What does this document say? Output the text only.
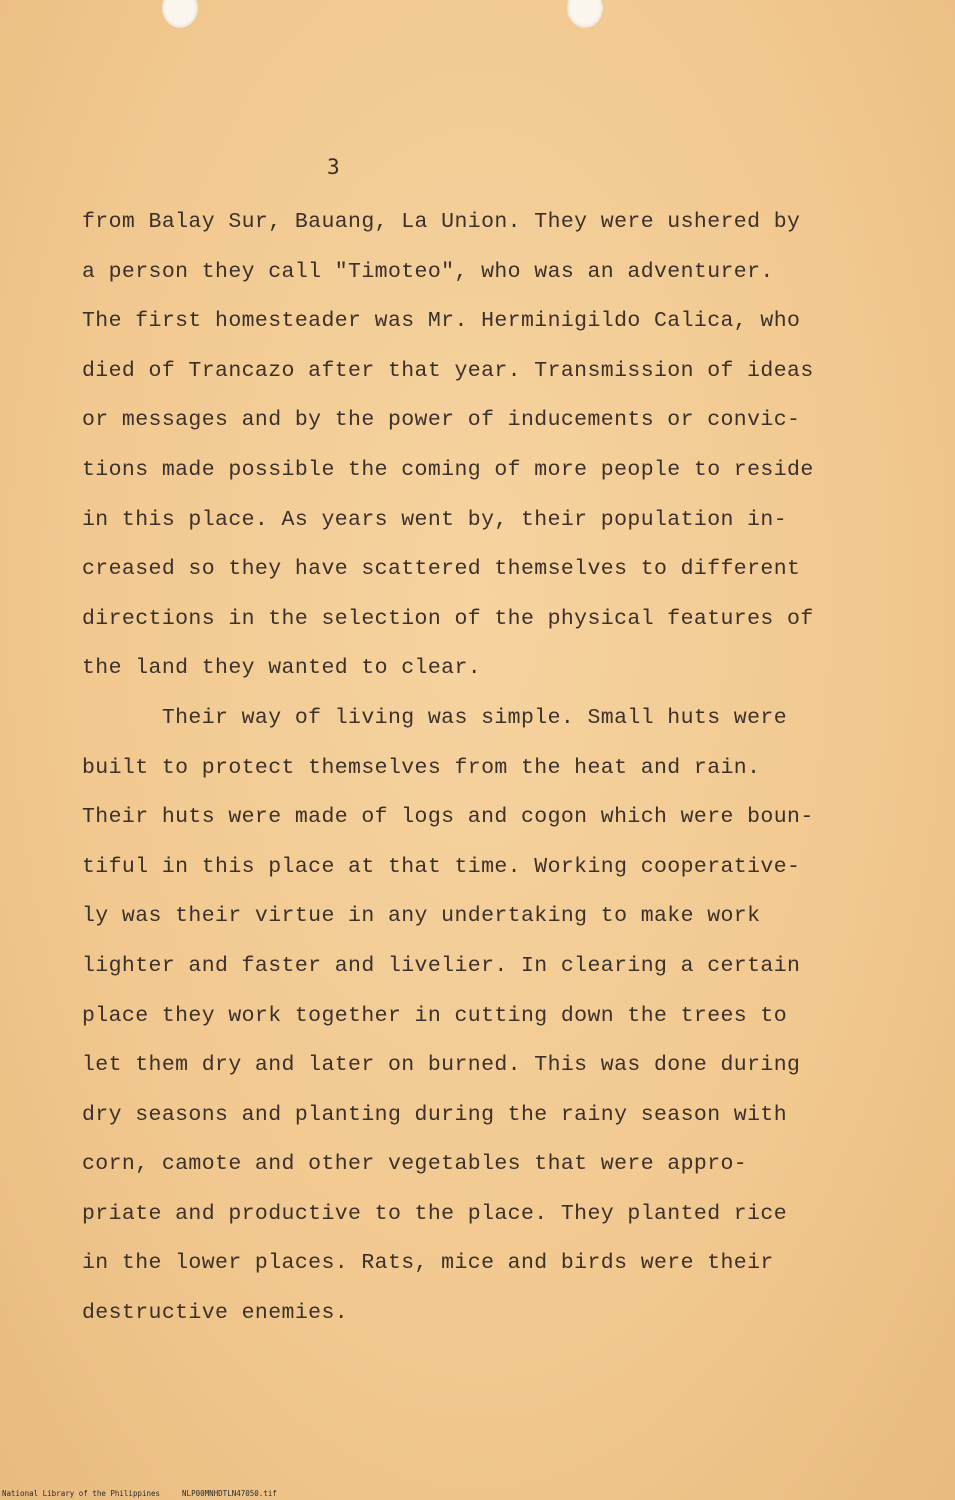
3
from Balay Sur, Bauang, La Union. They were ushered by
a person they call "Timoteo", who was an adventurer.
The first homesteader was Mr. Herminigildo Calica, who
died of Trancazo after that year. Transmission of ideas
or messages and by the power of inducements or convic-
tions made possible the coming of more people to reside
in this place. As years went by, their population in-
creased so they have scattered themselves to different
directions in the selection of the physical features of
the land they wanted to clear.
Their way of living was simple. Small huts were
built to protect themselves from the heat and rain.
Their huts were made of logs and cogon which were boun-
tiful in this place at that time. Working cooperative-
ly was their virtue in any undertaking to make work
lighter and faster and livelier. In clearing a certain
place they work together in cutting down the trees to
let them dry and later on burned. This was done during
dry seasons and planting during the rainy season with
corn, camote and other vegetables that were appro-
priate and productive to the place. They planted rice
in the lower places. Rats, mice and birds were their
destructive enemies.
National Library of the Philippines	NLP00MNHDTLN47050.tif
